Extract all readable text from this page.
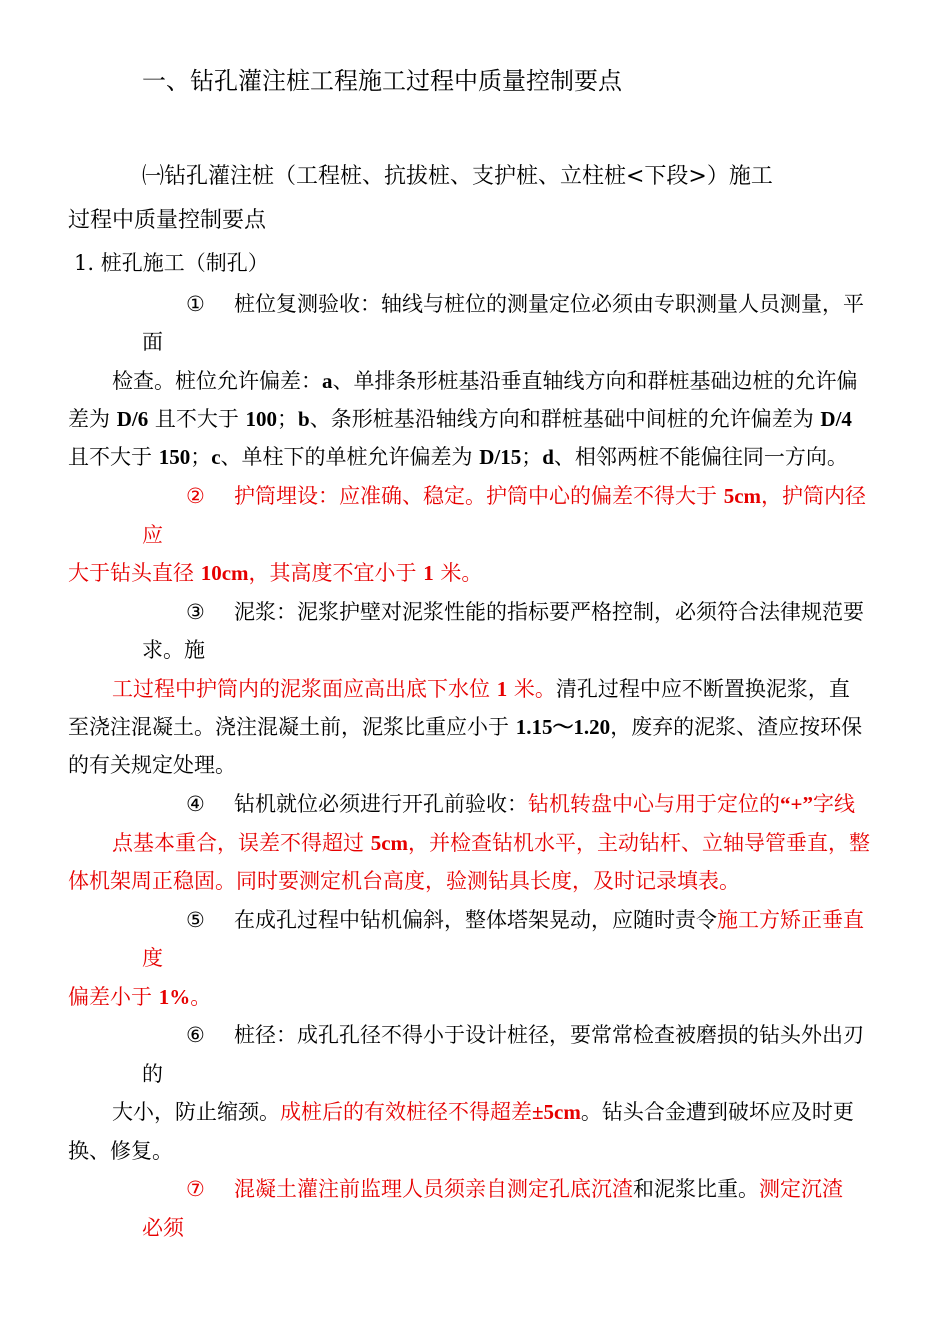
一、钻孔灌注桩工程施工过程中质量控制要点
㈠钻孔灌注桩（工程桩、抗拔桩、支护桩、立柱桩<下段>）施工
过程中质量控制要点
1. 桩孔施工（制孔）
① 桩位复测验收：轴线与桩位的测量定位必须由专职测量人员测量，平
面
检查。桩位允许偏差：a、单排条形桩基沿垂直轴线方向和群桩基础边桩的允许偏
差为 D/6 且不大于 100；b、条形桩基沿轴线方向和群桩基础中间桩的允许偏差为 D/4
且不大于 150；c、单柱下的单桩允许偏差为 D/15；d、相邻两桩不能偏往同一方向。
② 护筒埋设：应准确、稳定。护筒中心的偏差不得大于 5cm，护筒内径
应
大于钻头直径 10cm，其高度不宜小于 1 米。
③ 泥浆：泥浆护壁对泥浆性能的指标要严格控制，必须符合法律规范要
求。施
工过程中护筒内的泥浆面应高出底下水位 1 米。清孔过程中应不断置换泥浆，直
至浇注混凝土。浇注混凝土前，泥浆比重应小于 1.15～1.20，废弃的泥浆、渣应按环保
的有关规定处理。
④ 钻机就位必须进行开孔前验收：钻机转盘中心与用于定位的“+”字线
点基本重合，误差不得超过 5cm，并检查钻机水平，主动钻杆、立轴导管垂直，整
体机架周正稳固。同时要测定机台高度，验测钻具长度，及时记录填表。
⑤ 在成孔过程中钻机偏斜，整体塔架晃动，应随时责令施工方矫正垂直
度
偏差小于 1%。
⑥ 桩径：成孔孔径不得小于设计桩径，要常常检查被磨损的钻头外出刃
的
大小，防止缩颈。成桩后的有效桩径不得超差±5cm。钻头合金遭到破坏应及时更
换、修复。
⑦ 混凝土灌注前监理人员须亲自测定孔底沉渣和泥浆比重。测定沉渣
必须
